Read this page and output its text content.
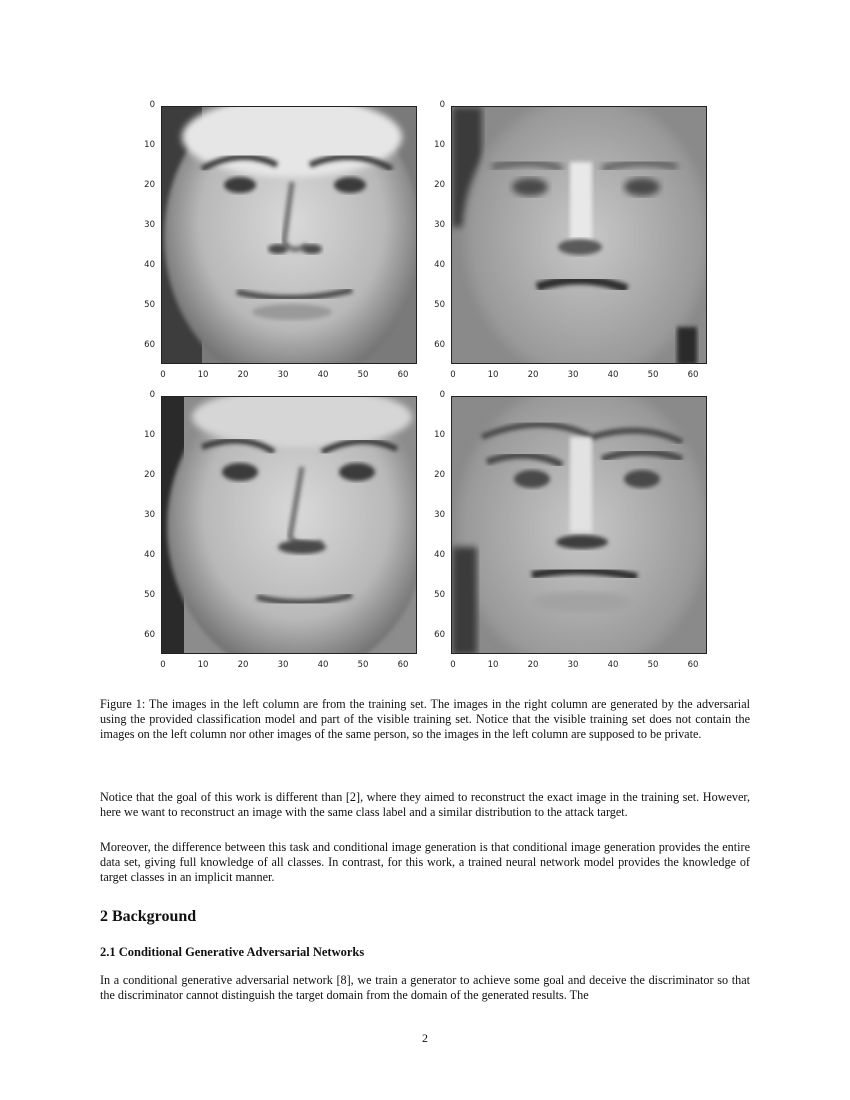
0
10
20
30
40
50
60
0	10	20	30	40	50	60
0
10
20
30
40
50
60
0	10	20	30	40	50	60
0
10
20
30
40
50
60
0	10	20	30	40	50	60
0
10
20
30
40
50
60
0	10	20	30	40	50	60
Figure 1: The images in the left column are from the training set. The images in the right column are generated by the adversarial using the provided classification model and part of the visible training set. Notice that the visible training set does not contain the images on the left column nor other images of the same person, so the images in the left column are supposed to be private.
Notice that the goal of this work is different than [2], where they aimed to reconstruct the exact image in the training set. However, here we want to reconstruct an image with the same class label and a similar distribution to the attack target.
Moreover, the difference between this task and conditional image generation is that conditional image generation provides the entire data set, giving full knowledge of all classes. In contrast, for this work, a trained neural network model provides the knowledge of target classes in an implicit manner.
2 Background
2.1 Conditional Generative Adversarial Networks
In a conditional generative adversarial network [8], we train a generator to achieve some goal and deceive the discriminator so that the discriminator cannot distinguish the target domain from the domain of the generated results. The
2
